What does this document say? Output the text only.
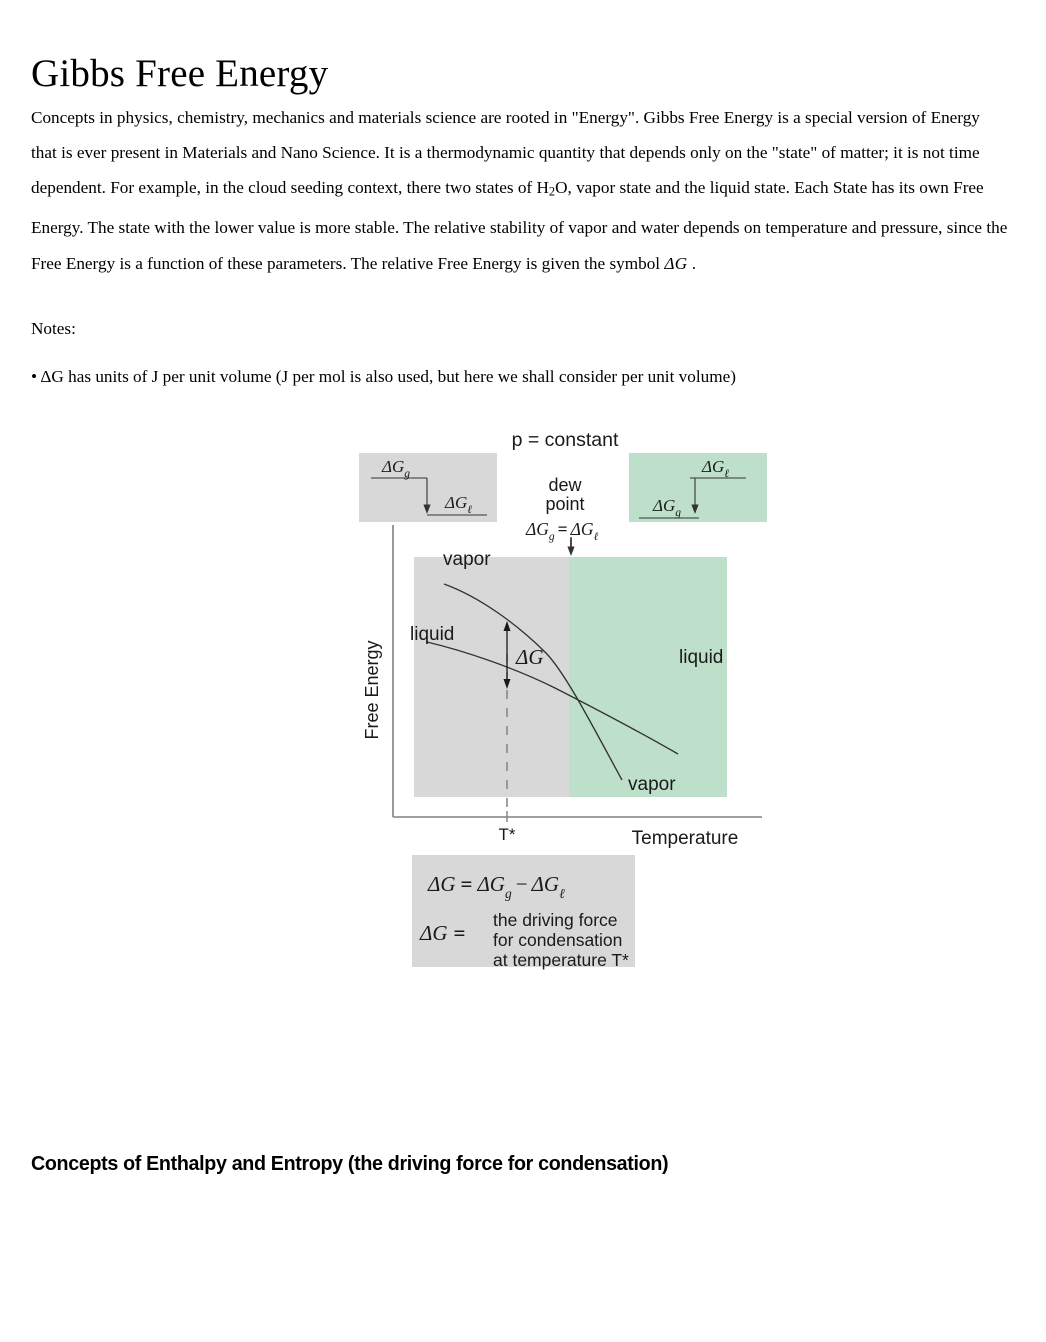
Gibbs Free Energy
Concepts in physics, chemistry, mechanics and materials science are rooted in "Energy". Gibbs Free Energy is a special version of Energy that is ever present in Materials and Nano Science. It is a thermodynamic quantity that depends only on the "state" of matter; it is not time dependent. For example, in the cloud seeding context, there two states of $H_2O$, vapor state and the liquid state. Each State has its own Free Energy. The state with the lower value is more stable. The relative stability of vapor and water depends on temperature and pressure, since the Free Energy is a function of these parameters. The relative Free Energy is given the symbol ΔG .
Notes:
• ΔG has units of J per unit volume (J per mol is also used, but here we shall consider per unit volume)
p = constant
$\Delta G_g$
$\Delta G_\ell$
$\Delta G_\ell$
$\Delta G_g$
dew
point
$\Delta G_g = \Delta G_\ell$
Free Energy
Temperature
T*
vapor
liquid
liquid
vapor
ΔG
$\Delta G = \Delta G_g - \Delta G_\ell$
ΔG =
the driving force
for condensation
at temperature T*
Concepts of Enthalpy and Entropy (the driving force for condensation)
